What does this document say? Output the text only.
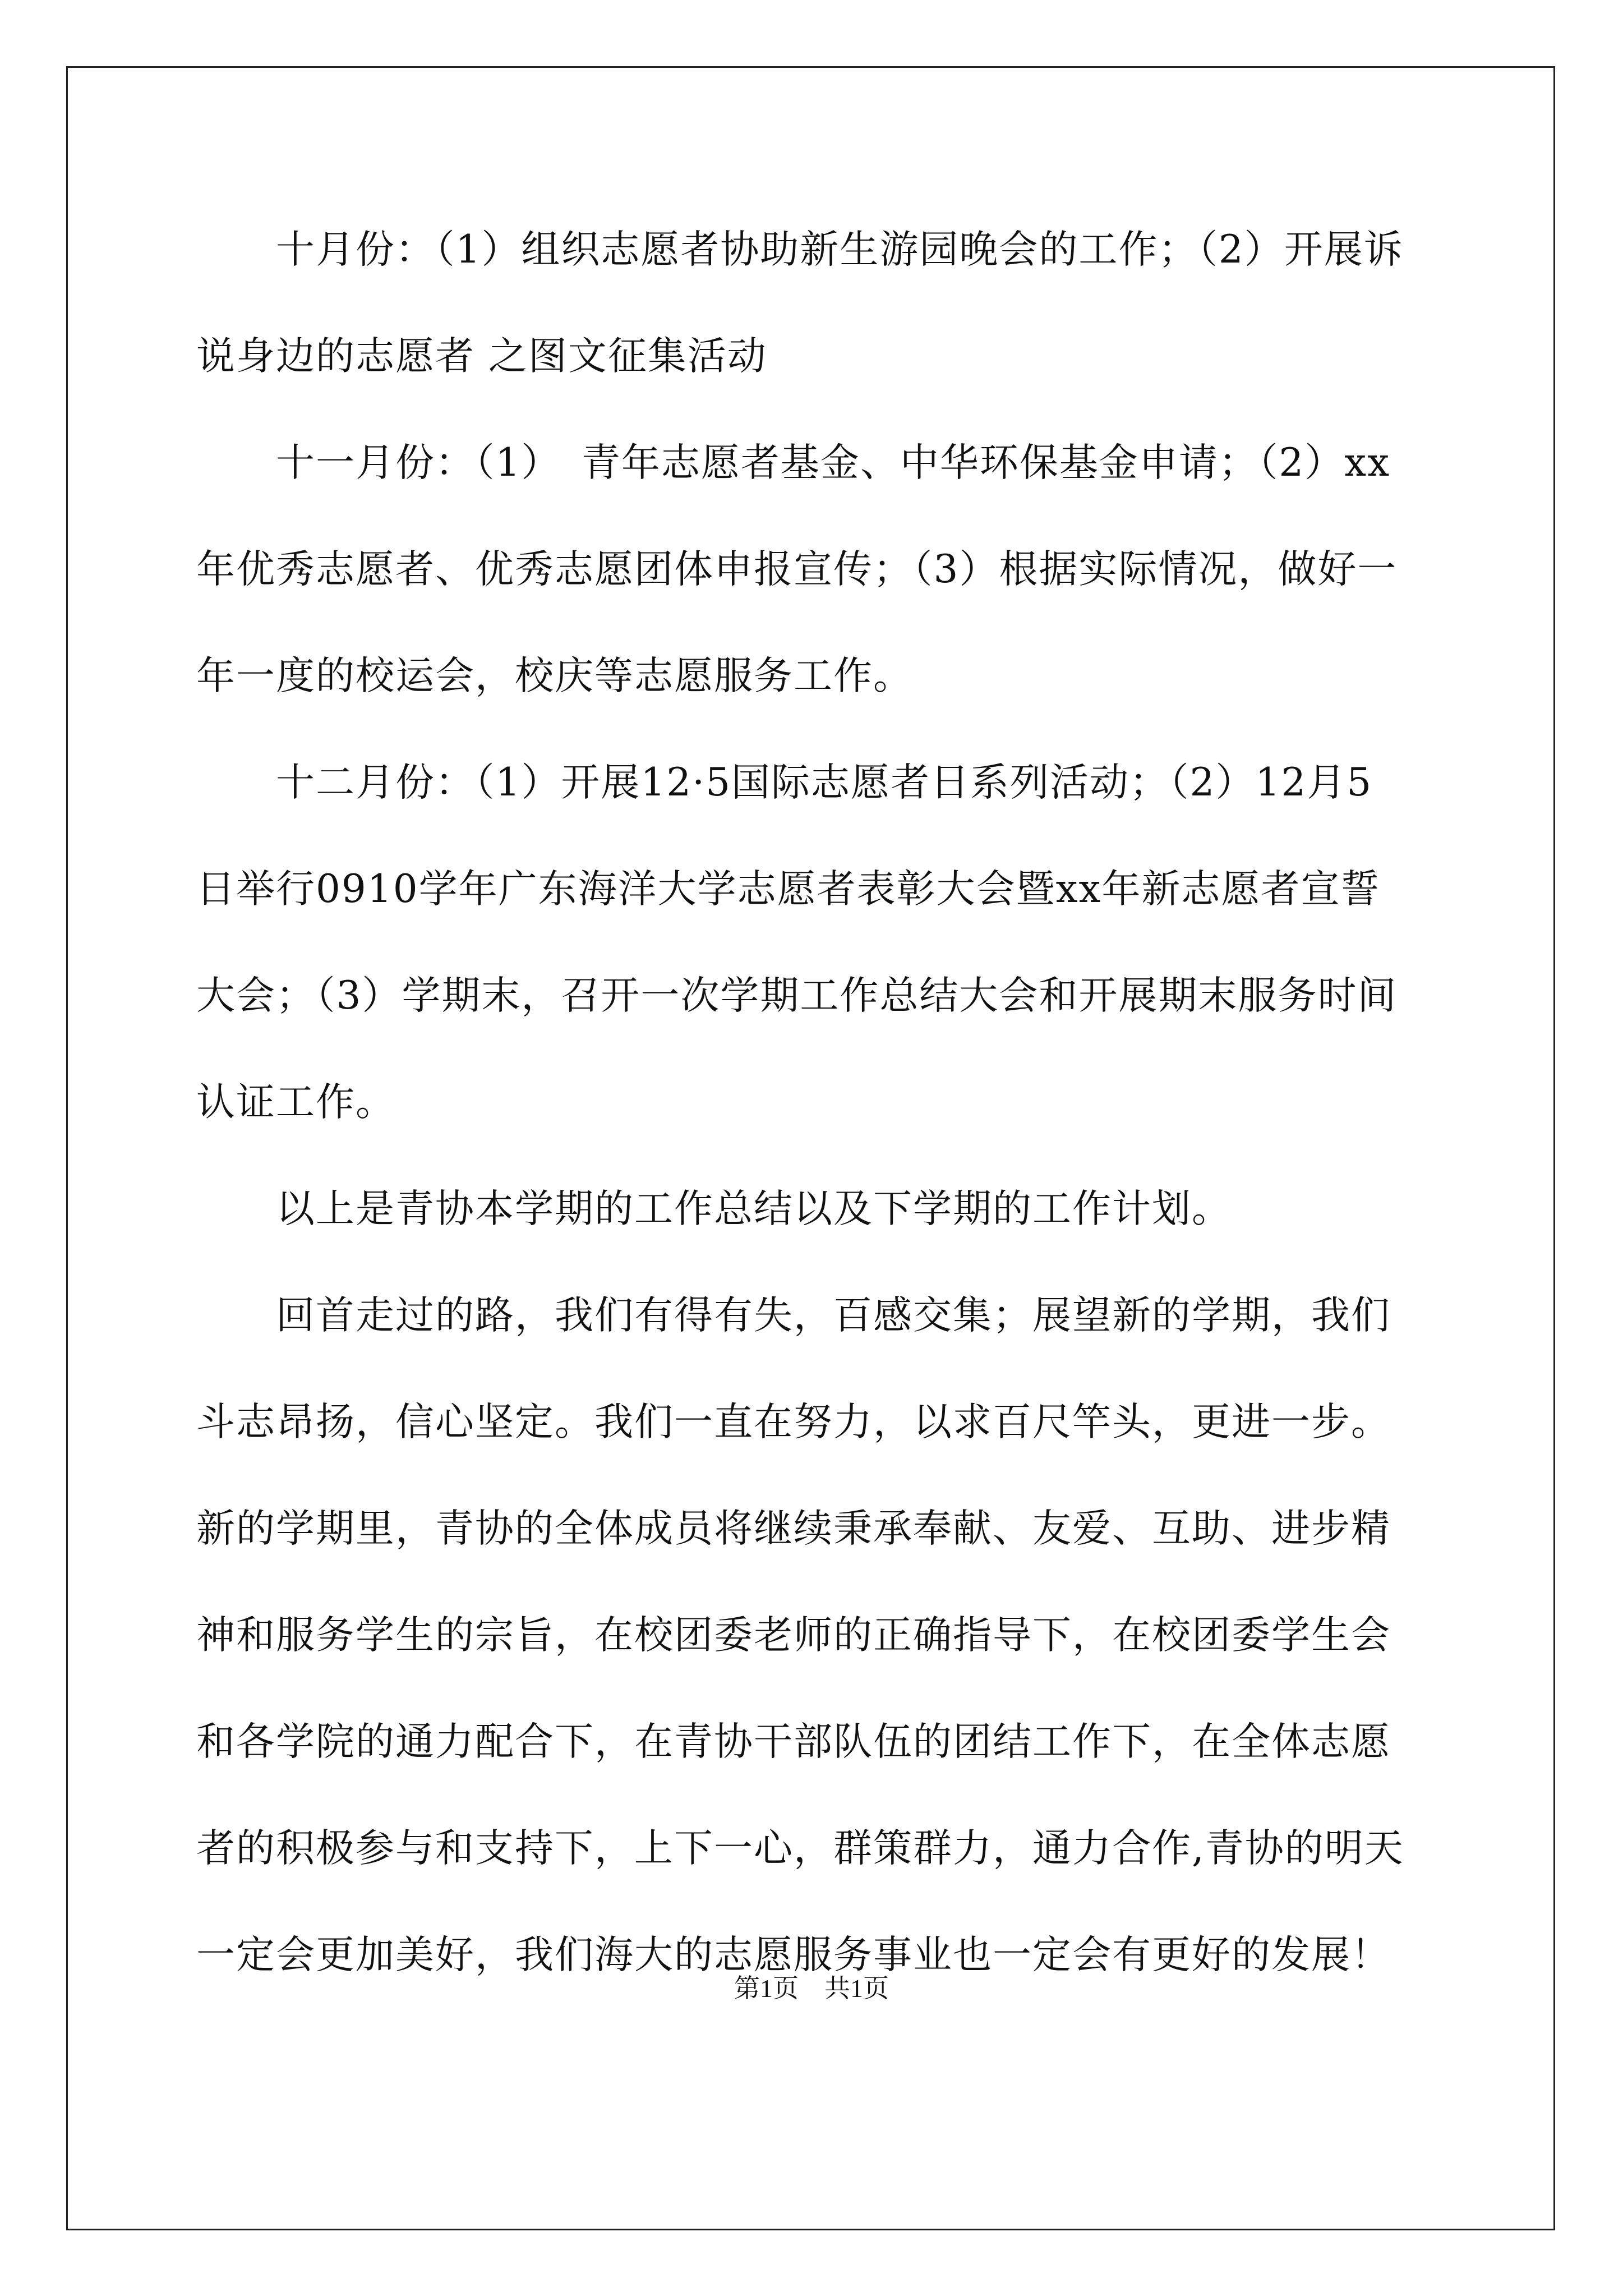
　　十月份：（1）组织志愿者协助新生游园晚会的工作；（2）开展诉
说身边的志愿者 之图文征集活动
　　十一月份：（1）　青年志愿者基金、中华环保基金申请；（2）xx
年优秀志愿者、优秀志愿团体申报宣传；（3）根据实际情况，做好一
年一度的校运会，校庆等志愿服务工作。
　　十二月份：（1）开展12·5国际志愿者日系列活动；（2）12月5
日举行0910学年广东海洋大学志愿者表彰大会暨xx年新志愿者宣誓
大会；（3）学期末，召开一次学期工作总结大会和开展期末服务时间
认证工作。
　　以上是青协本学期的工作总结以及下学期的工作计划。
　　回首走过的路，我们有得有失，百感交集；展望新的学期，我们
斗志昂扬，信心坚定。我们一直在努力，以求百尺竿头，更进一步。
新的学期里，青协的全体成员将继续秉承奉献、友爱、互助、进步精
神和服务学生的宗旨，在校团委老师的正确指导下，在校团委学生会
和各学院的通力配合下，在青协干部队伍的团结工作下，在全体志愿
者的积极参与和支持下，上下一心，群策群力，通力合作,青协的明天
一定会更加美好，我们海大的志愿服务事业也一定会有更好的发展！
第1页　共1页
